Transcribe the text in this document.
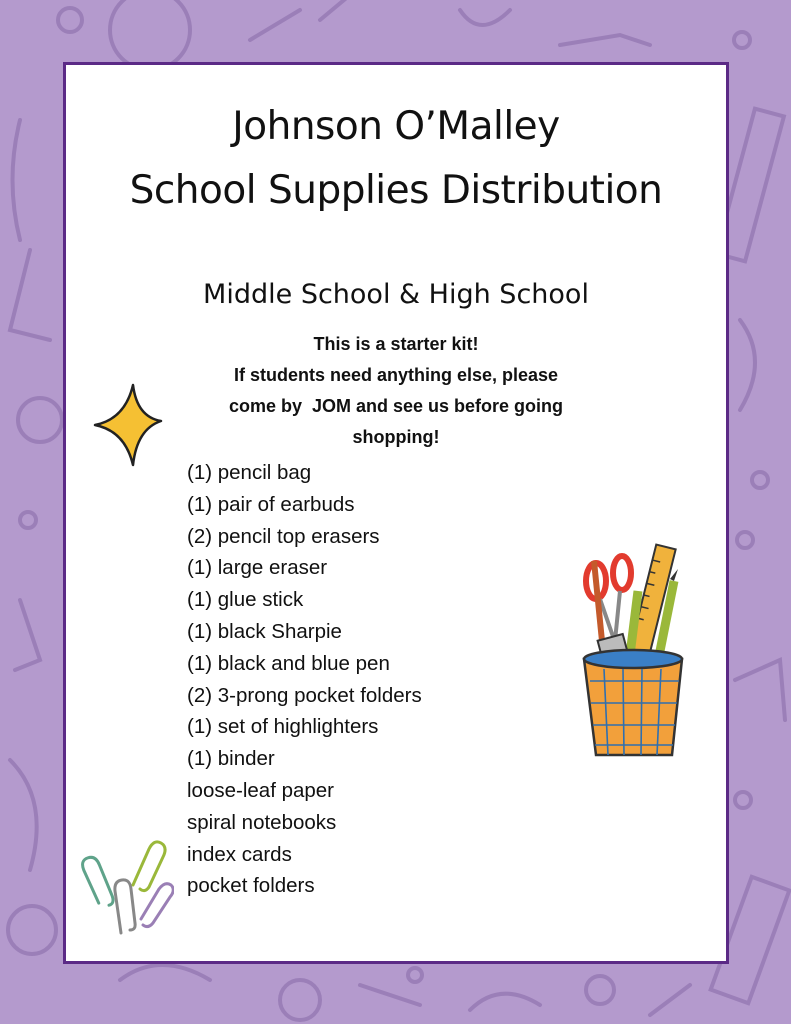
Johnson O’Malley
School Supplies Distribution
Middle School & High School
This is a starter kit!
If students need anything else, please
come by  JOM and see us before going
shopping!
(1) pencil bag
(1) pair of earbuds
(2) pencil top erasers
(1) large eraser
(1) glue stick
(1) black Sharpie
(1) black and blue pen
(2) 3-prong pocket folders
(1) set of highlighters
(1) binder
loose-leaf paper
spiral notebooks
index cards
pocket folders
